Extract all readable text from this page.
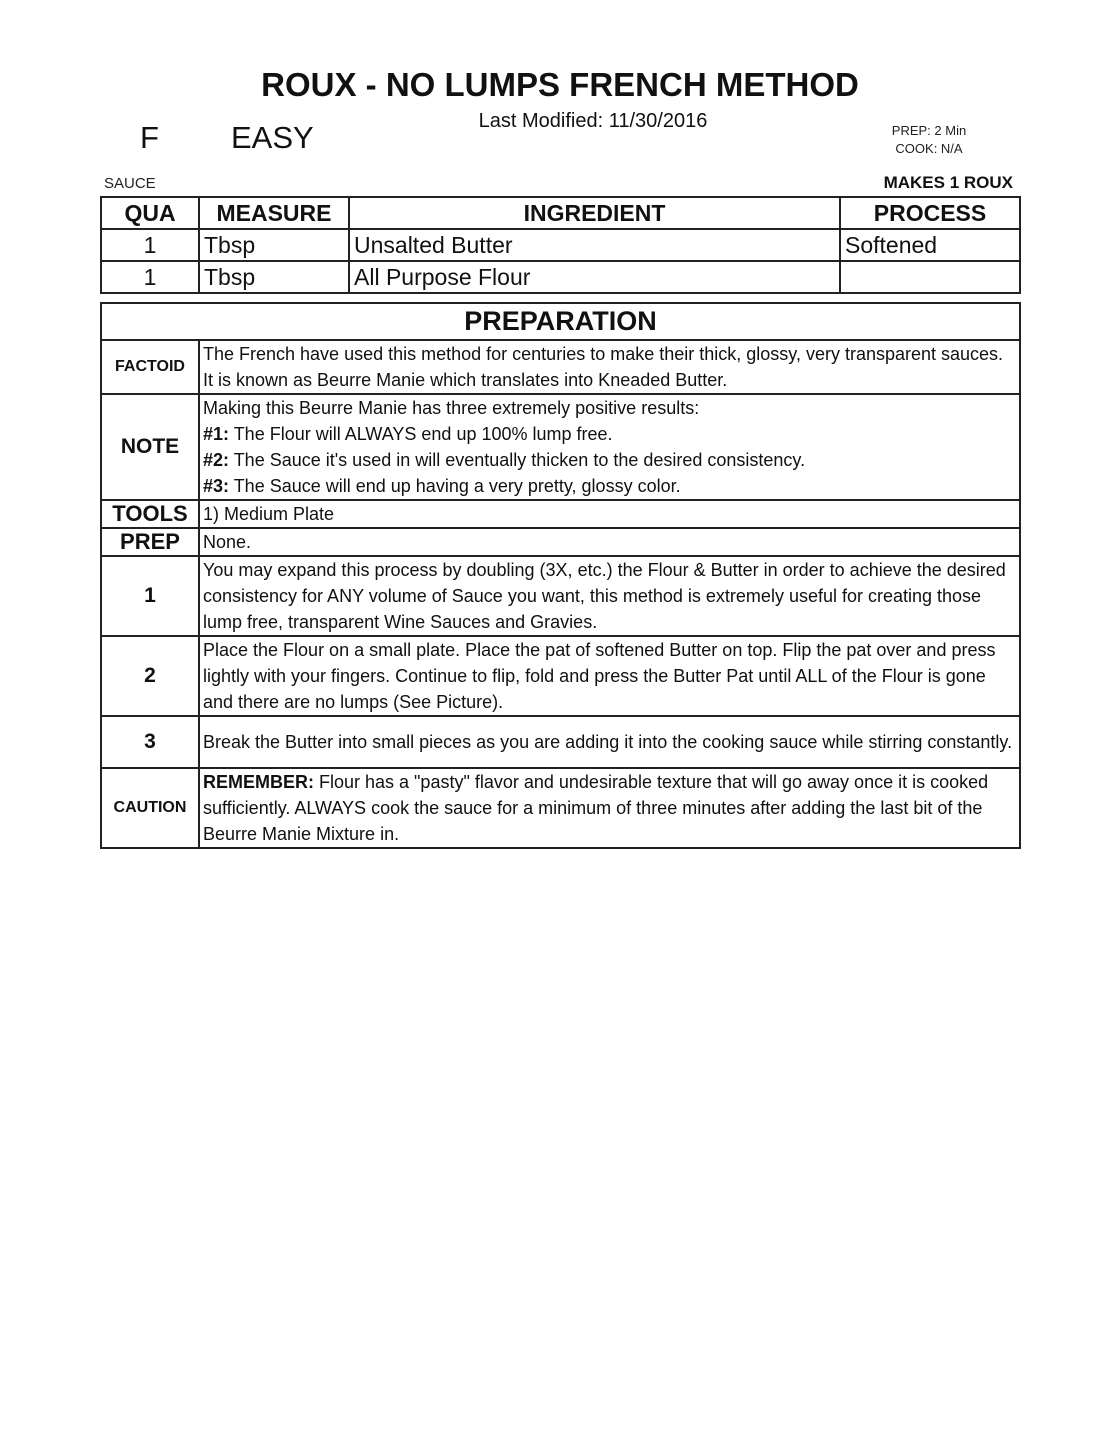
ROUX - NO LUMPS FRENCH METHOD
Last Modified: 11/30/2016
F EASY	PREP: 2 Min
COOK: N/A
SAUCE	MAKES 1 ROUX
QUA	MEASURE	INGREDIENT	PROCESS
1	Tbsp	Unsalted Butter	Softened
1	Tbsp	All Purpose Flour	
PREPARATION	
FACTOID	The French have used this method for centuries to make their thick, glossy, very transparent sauces. It is known as Beurre Manie which translates into Kneaded Butter.
NOTE	Making this Beurre Manie has three extremely positive results:
#1: The Flour will ALWAYS end up 100% lump free.
#2: The Sauce it's used in will eventually thicken to the desired consistency.
#3: The Sauce will end up having a very pretty, glossy color.

TOOLS	1) Medium Plate
PREP	None.
1	You may expand this process by doubling (3X, etc.) the Flour & Butter in order to achieve the desired consistency for ANY volume of Sauce you want, this method is extremely useful for creating those lump free, transparent Wine Sauces and Gravies.
2	Place the Flour on a small plate. Place the pat of softened Butter on top. Flip the pat over and press lightly with your fingers. Continue to flip, fold and press the Butter Pat until ALL of the Flour is gone and there are no lumps (See Picture).
3	Break the Butter into small pieces as you are adding it into the cooking sauce while stirring constantly.
CAUTION	REMEMBER: Flour has a "pasty" flavor and undesirable texture that will go away once it is cooked sufficiently. ALWAYS cook the sauce for a minimum of three minutes after adding the last bit of the Beurre Manie Mixture in.
